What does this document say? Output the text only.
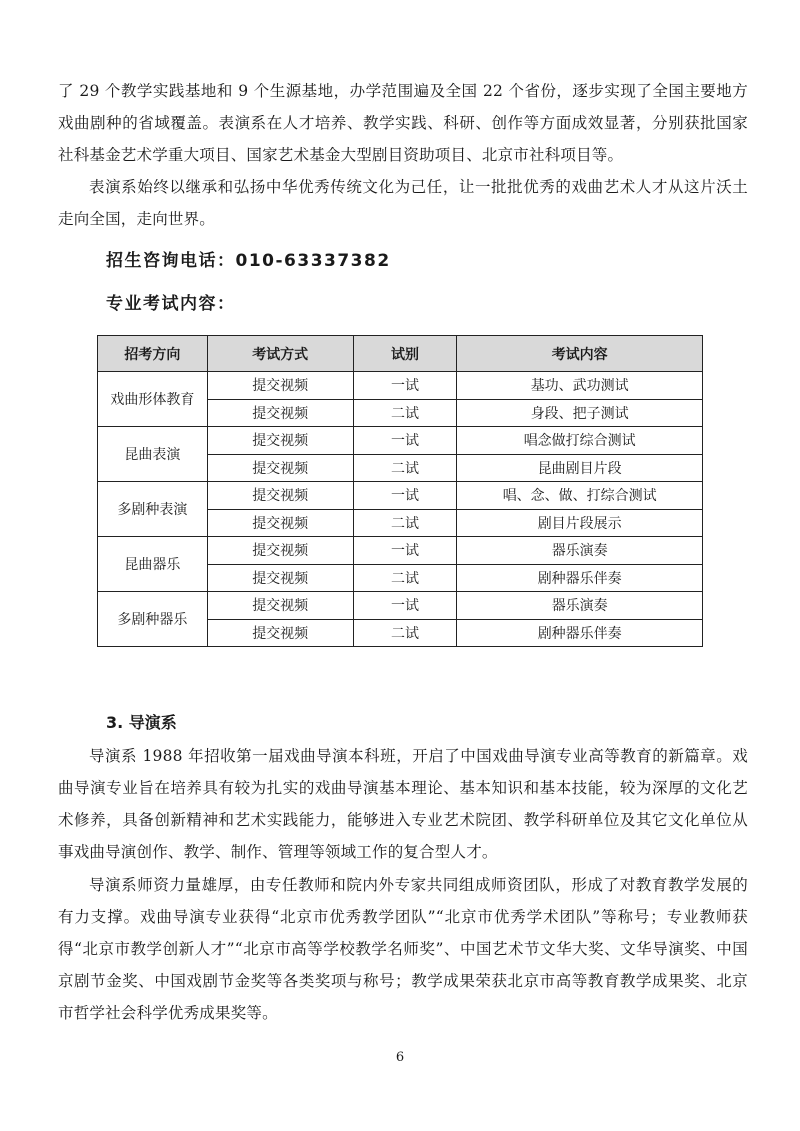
了 29 个教学实践基地和 9 个生源基地，办学范围遍及全国 22 个省份，逐步实现了全国主要地方戏曲剧种的省域覆盖。表演系在人才培养、教学实践、科研、创作等方面成效显著，分别获批国家社科基金艺术学重大项目、国家艺术基金大型剧目资助项目、北京市社科项目等。

表演系始终以继承和弘扬中华优秀传统文化为己任，让一批批优秀的戏曲艺术人才从这片沃土走向全国，走向世界。

招生咨询电话：010-63337382

专业考试内容：

招考方向	考试方式	试别	考试内容
戏曲形体教育	提交视频	一试	基功、武功测试
	提交视频	二试	身段、把子测试
昆曲表演	提交视频	一试	唱念做打综合测试
	提交视频	二试	昆曲剧目片段
多剧种表演	提交视频	一试	唱、念、做、打综合测试
	提交视频	二试	剧目片段展示
昆曲器乐	提交视频	一试	器乐演奏
	提交视频	二试	剧种器乐伴奏
多剧种器乐	提交视频	一试	器乐演奏
	提交视频	二试	剧种器乐伴奏

3. 导演系

导演系 1988 年招收第一届戏曲导演本科班，开启了中国戏曲导演专业高等教育的新篇章。戏曲导演专业旨在培养具有较为扎实的戏曲导演基本理论、基本知识和基本技能，较为深厚的文化艺术修养，具备创新精神和艺术实践能力，能够进入专业艺术院团、教学科研单位及其它文化单位从事戏曲导演创作、教学、制作、管理等领域工作的复合型人才。

导演系师资力量雄厚，由专任教师和院内外专家共同组成师资团队，形成了对教育教学发展的有力支撑。戏曲导演专业获得“北京市优秀教学团队”“北京市优秀学术团队”等称号；专业教师获得“北京市教学创新人才”“北京市高等学校教学名师奖”、中国艺术节文华大奖、文华导演奖、中国京剧节金奖、中国戏剧节金奖等各类奖项与称号；教学成果荣获北京市高等教育教学成果奖、北京市哲学社会科学优秀成果奖等。

6
